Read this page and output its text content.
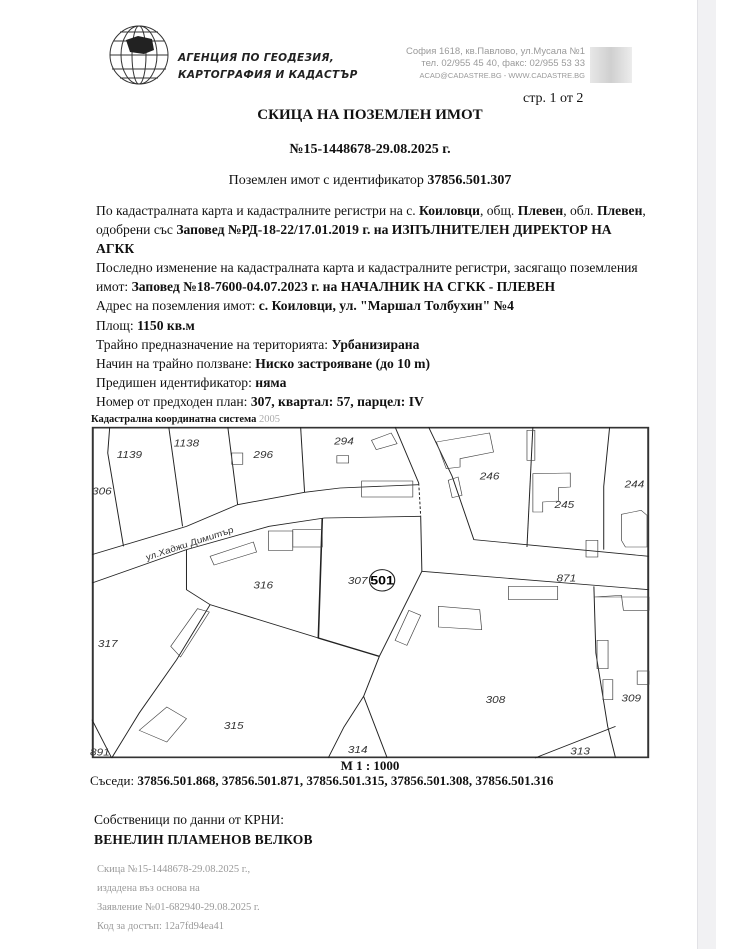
АГЕНЦИЯ ПО ГЕОДЕЗИЯ,
КАРТОГРАФИЯ И КАДАСТЪР
София 1618, кв.Павлово, ул.Мусала №1
тел. 02/955 45 40, факс: 02/955 53 33
ACAD@CADASTRE.BG - WWW.CADASTRE.BG
стр. 1 от 2
СКИЦА НА ПОЗЕМЛЕН ИМОТ
№15-1448678-29.08.2025 г.
Поземлен имот с идентификатор 37856.501.307
По кадастралната карта и кадастралните регистри на с. Коиловци, общ. Плевен, обл. Плевен, одобрени със Заповед №РД-18-22/17.01.2019 г. на ИЗПЪЛНИТЕЛЕН ДИРЕКТОР НА АГКК
Последно изменение на кадастралната карта и кадастралните регистри, засягащо поземления имот: Заповед №18-7600-04.07.2023 г. на НАЧАЛНИК НА СГКК - ПЛЕВЕН
Адрес на поземления имот: с. Коиловци, ул. "Маршал Толбухин" №4
Площ: 1150 кв.м
Трайно предназначение на територията: Урбанизирана
Начин на трайно ползване: Ниско застрояване (до 10 m)
Предишен идентификатор: няма
Номер от предходен план: 307, квартал: 57, парцел: IV
Кадастрална координатна система 2005
501
ул.Хаджи Димитър
1139
1138
296
294
306
246
245
244
316 307	871
317
308	309
315
314	313
891
М 1 : 1000
Съседи: 37856.501.868, 37856.501.871, 37856.501.315, 37856.501.308, 37856.501.316
Собственици по данни от КРНИ:
ВЕНЕЛИН ПЛАМЕНОВ ВЕЛКОВ
Скица №15-1448678-29.08.2025 г.,
издадена въз основа на
Заявление №01-682940-29.08.2025 г.
Код за достъп: 12a7fd94ea41
